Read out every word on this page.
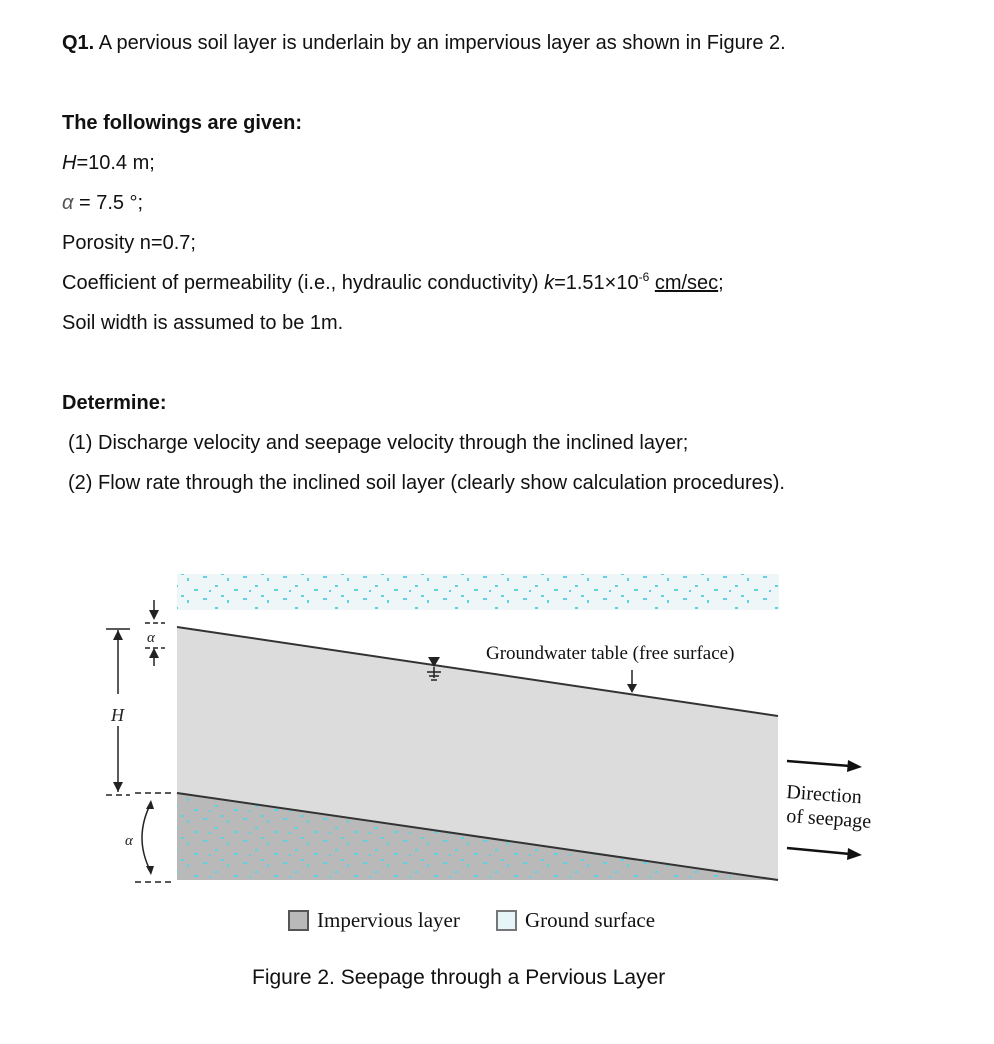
Q1. A pervious soil layer is underlain by an impervious layer as shown in Figure 2.
The followings are given:
H=10.4 m;
α = 7.5 °;
Porosity n=0.7;
Coefficient of permeability (i.e., hydraulic conductivity) $k=1.51\times 10^{-6}$ cm/sec;
Soil width is assumed to be 1m.
Determine:
(1) Discharge velocity and seepage velocity through the inclined layer;
(2) Flow rate through the inclined soil layer (clearly show calculation procedures).
H
α
α
Groundwater table (free surface)
Direction
of seepage
Impervious layer	Ground surface
Figure 2. Seepage through a Pervious Layer
